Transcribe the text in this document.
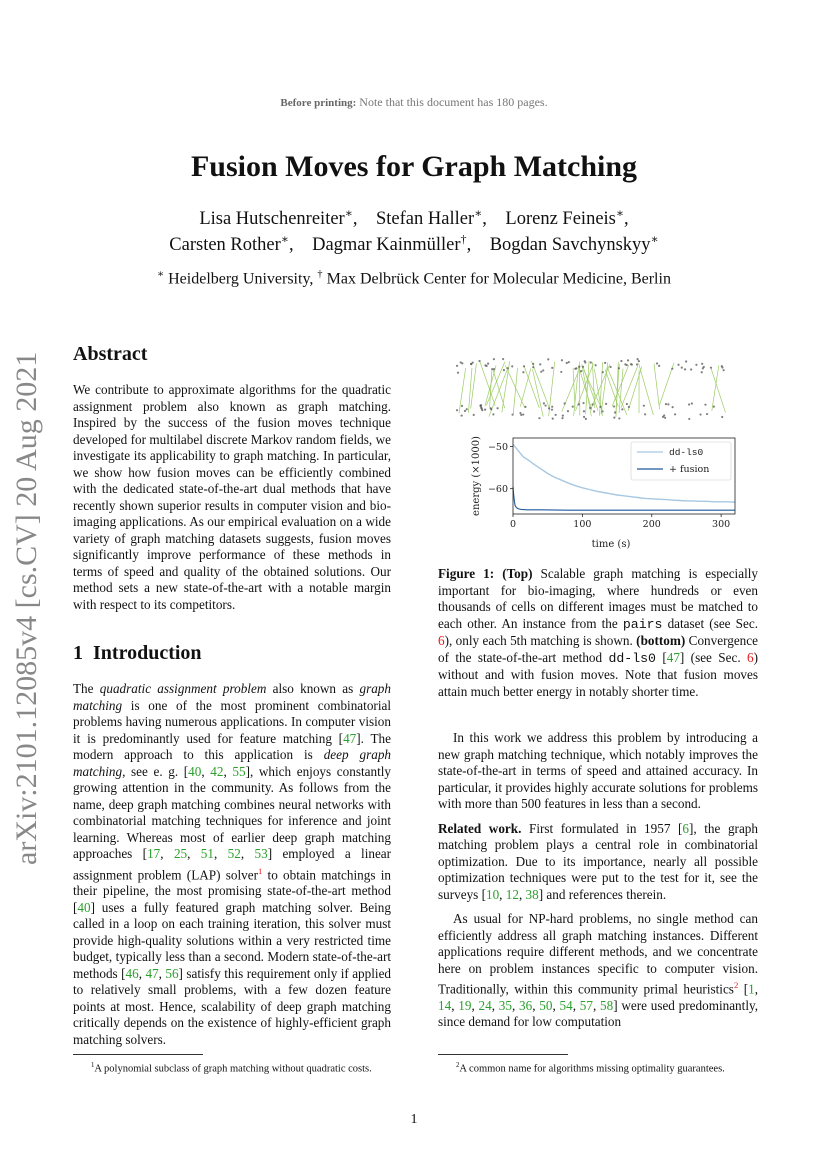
Before printing: Note that this document has 180 pages.
arXiv:2101.12085v4 [cs.CV] 20 Aug 2021
Fusion Moves for Graph Matching
Lisa Hutschenreiter∗,    Stefan Haller∗,    Lorenz Feineis∗,
Carsten Rother∗,    Dagmar Kainmüller†,    Bogdan Savchynskyy∗
∗ Heidelberg University, † Max Delbrück Center for Molecular Medicine, Berlin
Abstract

We contribute to approximate algorithms for the quadratic assignment problem also known as graph matching. Inspired by the success of the fusion moves technique developed for multilabel discrete Markov random fields, we investigate its applicability to graph matching. In particular, we show how fusion moves can be efficiently combined with the dedicated state-of-the-art dual methods that have recently shown superior results in computer vision and bio-imaging applications. As our empirical evaluation on a wide variety of graph matching datasets suggests, fusion moves significantly improve performance of these methods in terms of speed and quality of the obtained solutions. Our method sets a new state-of-the-art with a notable margin with respect to its competitors.

1 Introduction

The quadratic assignment problem also known as graph matching is one of the most prominent combinatorial problems having numerous applications. In computer vision it is predominantly used for feature matching [47]. The modern approach to this application is deep graph matching, see e. g. [40, 42, 55], which enjoys constantly growing attention in the community. As follows from the name, deep graph matching combines neural networks with combinatorial matching techniques for inference and joint learning. Whereas most of earlier deep graph matching approaches [17, 25, 51, 52, 53] employed a linear assignment problem (LAP) solver$^1$ to obtain matchings in their pipeline, the most promising state-of-the-art method [40] uses a fully featured graph matching solver. Being called in a loop on each training iteration, this solver must provide high-quality solutions within a very restricted time budget, typically less than a second. Modern state-of-the-art methods [46, 47, 56] satisfy this requirement only if applied to relatively small problems, with a few dozen feature points at most. Hence, scalability of deep graph matching critically depends on the existence of highly-efficient graph matching solvers.

$^1$A polynomial subclass of graph matching without quadratic costs.
0	100	200	300
−50
−60
time (s)
energy (×1000)	dd-ls0
+ fusion

Figure 1: (Top) Scalable graph matching is especially important for bio-imaging, where hundreds or even thousands of cells on different images must be matched to each other. An instance from the pairs dataset (see Sec. 6), only each 5th matching is shown. (bottom) Convergence of the state-of-the-art method dd-ls0 [47] (see Sec. 6) without and with fusion moves. Note that fusion moves attain much better energy in notably shorter time.

In this work we address this problem by introducing a new graph matching technique, which notably improves the state-of-the-art in terms of speed and attained accuracy. In particular, it provides highly accurate solutions for problems with more than 500 features in less than a second.

Related work. First formulated in 1957 [6], the graph matching problem plays a central role in combinatorial optimization. Due to its importance, nearly all possible optimization techniques were put to the test for it, see the surveys [10, 12, 38] and references therein.

As usual for NP-hard problems, no single method can efficiently address all graph matching instances. Different applications require different methods, and we concentrate here on problem instances specific to computer vision. Traditionally, within this community primal heuristics$^2$ [1, 14, 19, 24, 35, 36, 50, 54, 57, 58] were used predominantly, since demand for low computation

$^2$A common name for algorithms missing optimality guarantees.
1
